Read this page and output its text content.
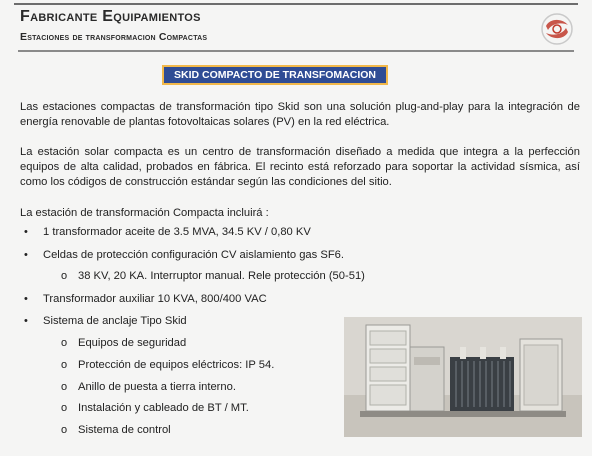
Fabricante Equipamientos
Estaciones de transformacion Compactas
SKID COMPACTO DE TRANSFOMACION
Las estaciones compactas de transformación tipo Skid son una solución plug-and-play para la integración de energía renovable de plantas fotovoltaicas solares (PV) en la red eléctrica.
La estación solar compacta es un centro de transformación diseñado a medida que integra a la perfección equipos de alta calidad, probados en fábrica. El recinto está reforzado para soportar la actividad sísmica, así como los códigos de construcción estándar según las condiciones del sitio.
La estación de transformación Compacta incluirá :
• 1 transformador aceite de 3.5 MVA, 34.5 KV / 0,80 KV
• Celdas de protección configuración CV aislamiento gas SF6.
o 38 KV, 20 KA. Interruptor manual. Rele protección (50-51)
• Transformador auxiliar 10 KVA, 800/400 VAC
• Sistema de anclaje Tipo Skid
o Equipos de seguridad
o Protección de equipos eléctricos: IP 54.
o Anillo de puesta a tierra interno.
o Instalación y cableado de BT / MT.
o Sistema de control
